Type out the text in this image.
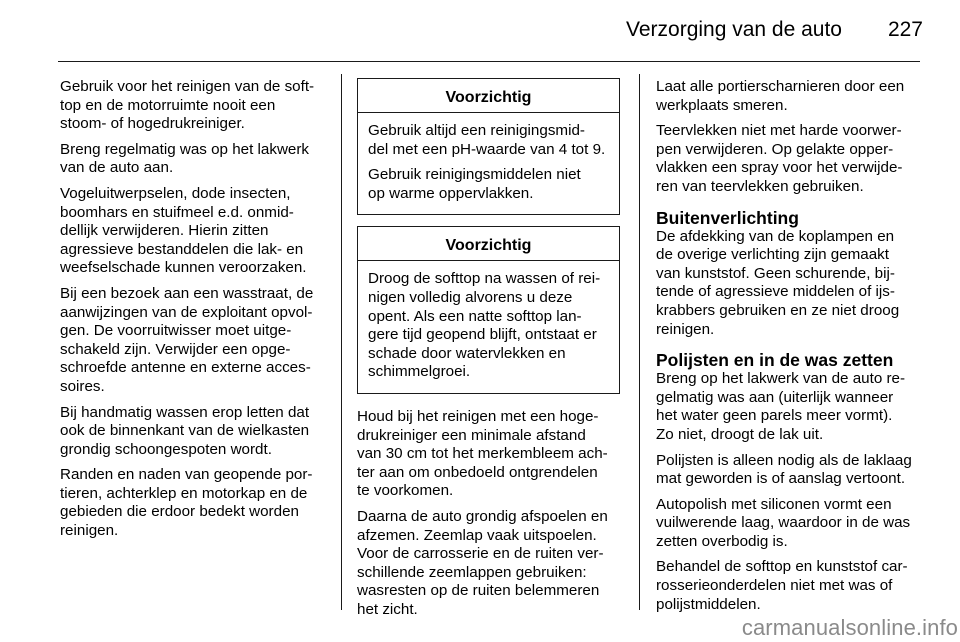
Verzorging van de auto 227

Gebruik voor het reinigen van de soft-
top en de motorruimte nooit een
stoom- of hogedrukreiniger.

Breng regelmatig was op het lakwerk
van de auto aan.

Vogeluitwerpselen, dode insecten,
boomhars en stuifmeel e.d. onmid-
dellijk verwijderen. Hierin zitten
agressieve bestanddelen die lak- en
weefselschade kunnen veroorzaken.

Bij een bezoek aan een wasstraat, de
aanwijzingen van de exploitant opvol-
gen. De voorruitwisser moet uitge-
schakeld zijn. Verwijder een opge-
schroefde antenne en externe acces-
soires.

Bij handmatig wassen erop letten dat
ook de binnenkant van de wielkasten
grondig schoongespoten wordt.

Randen en naden van geopende por-
tieren, achterklep en motorkap en de
gebieden die erdoor bedekt worden
reinigen.

Voorzichtig

Gebruik altijd een reinigingsmid-
del met een pH-waarde van 4 tot 9.

Gebruik reinigingsmiddelen niet
op warme oppervlakken.

Voorzichtig

Droog de softtop na wassen of rei-
nigen volledig alvorens u deze
opent. Als een natte softtop lan-
gere tijd geopend blijft, ontstaat er
schade door watervlekken en
schimmelgroei.

Houd bij het reinigen met een hoge-
drukreiniger een minimale afstand
van 30 cm tot het merkembleem ach-
ter aan om onbedoeld ontgrendelen
te voorkomen.

Daarna de auto grondig afspoelen en
afzemen. Zeemlap vaak uitspoelen.
Voor de carrosserie en de ruiten ver-
schillende zeemlappen gebruiken:
wasresten op de ruiten belemmeren
het zicht.

Laat alle portierscharnieren door een
werkplaats smeren.

Teervlekken niet met harde voorwer-
pen verwijderen. Op gelakte opper-
vlakken een spray voor het verwijde-
ren van teervlekken gebruiken.

Buitenverlichting

De afdekking van de koplampen en
de overige verlichting zijn gemaakt
van kunststof. Geen schurende, bij-
tende of agressieve middelen of ijs-
krabbers gebruiken en ze niet droog
reinigen.

Polijsten en in de was zetten

Breng op het lakwerk van de auto re-
gelmatig was aan (uiterlijk wanneer
het water geen parels meer vormt).
Zo niet, droogt de lak uit.

Polijsten is alleen nodig als de laklaag
mat geworden is of aanslag vertoont.

Autopolish met siliconen vormt een
vuilwerende laag, waardoor in de was
zetten overbodig is.

Behandel de softtop en kunststof car-
rosserieonderdelen niet met was of
polijstmiddelen.

carmanualsonline.info
